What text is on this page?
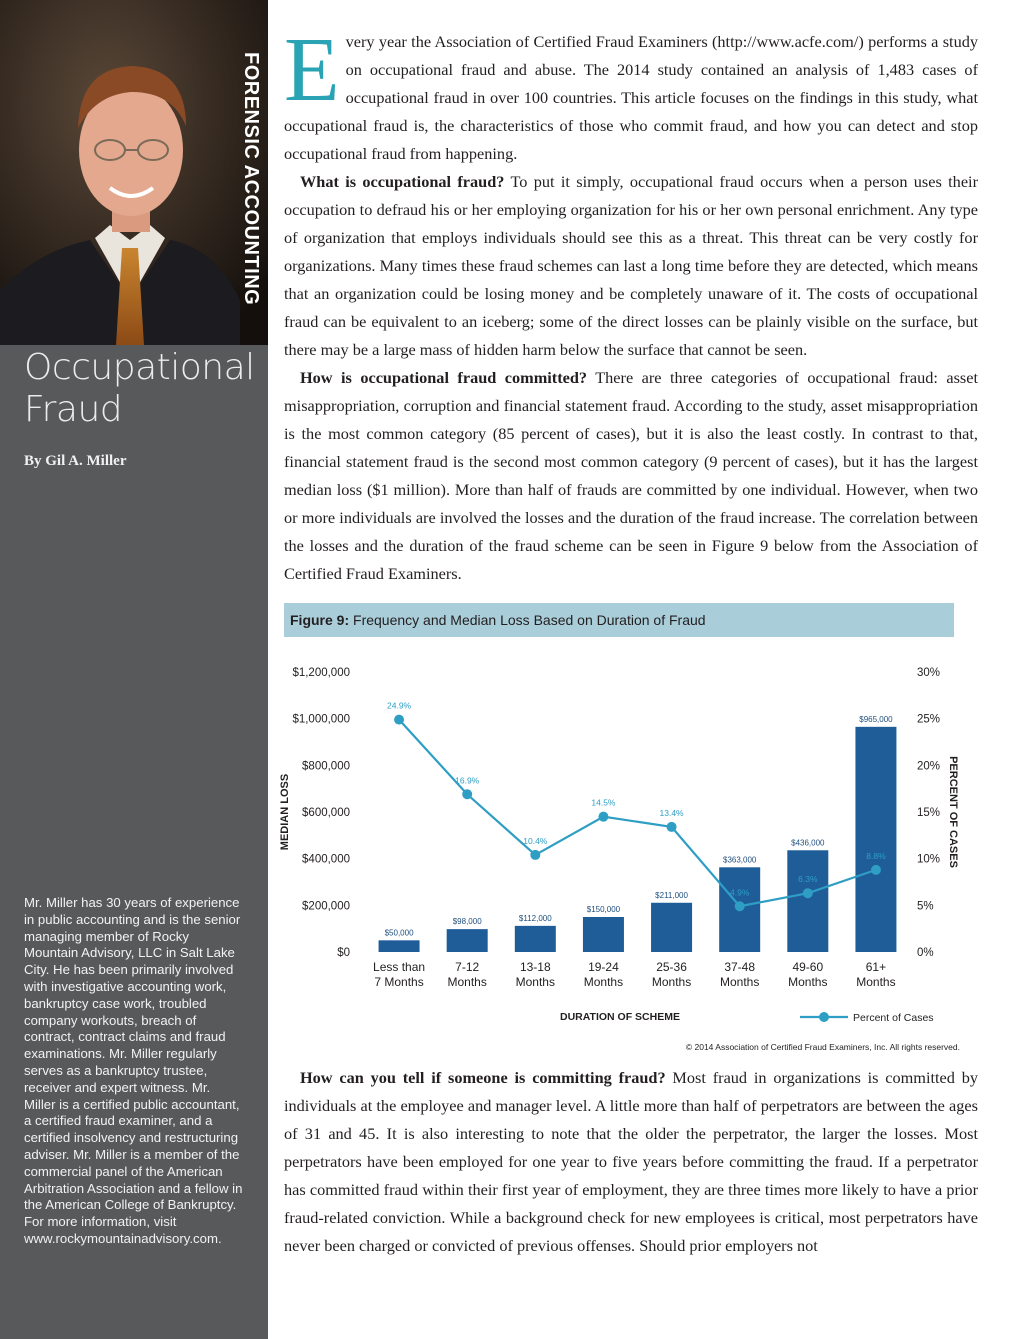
FORENSIC ACCOUNTING
Occupational
Fraud
By Gil A. Miller
Mr. Miller has 30 years of experience in public accounting and is the senior managing member of Rocky Mountain Advisory, LLC in Salt Lake City. He has been primarily involved with investigative accounting work, bankruptcy case work, troubled company workouts, breach of contract, contract claims and fraud examinations. Mr. Miller regularly serves as a bankruptcy trustee, receiver and expert witness. Mr. Miller is a certified public accountant, a certified fraud examiner, and a certified insolvency and restructuring adviser. Mr. Miller is a member of the commercial panel of the American Arbitration Association and a fellow in the American College of Bankruptcy. For more information, visit www.rockymountainadvisory.com.

Every year the Association of Certified Fraud Examiners (http://www.acfe.com/) performs a study on occupational fraud and abuse. The 2014 study contained an analysis of 1,483 cases of occupational fraud in over 100 countries. This article focuses on the findings in this study, what occupational fraud is, the characteristics of those who commit fraud, and how you can detect and stop occupational fraud from happening.

What is occupational fraud? To put it simply, occupational fraud occurs when a person uses their occupation to defraud his or her employing organization for his or her own personal enrichment. Any type of organization that employs individuals should see this as a threat. This threat can be very costly for organizations. Many times these fraud schemes can last a long time before they are detected, which means that an organization could be losing money and be completely unaware of it. The costs of occupational fraud can be equivalent to an iceberg; some of the direct losses can be plainly visible on the surface, but there may be a large mass of hidden harm below the surface that cannot be seen.

How is occupational fraud committed? There are three categories of occupational fraud: asset misappropriation, corruption and financial statement fraud. According to the study, asset misappropriation is the most common category (85 percent of cases), but it is also the least costly. In contrast to that, financial statement fraud is the second most common category (9 percent of cases), but it has the largest median loss ($1 million). More than half of frauds are committed by one individual. However, when two or more individuals are involved the losses and the duration of the fraud increase. The correlation between the losses and the duration of the fraud scheme can be seen in Figure 9 below from the Association of Certified Fraud Examiners.

Figure 9: Frequency and Median Loss Based on Duration of Fraud
$0
$200,000
$400,000
$600,000
$800,000
$1,000,000
$1,200,000
0%
5%
10%
15%
20%
25%
30%
MEDIAN LOSS	PERCENT OF CASES
$50,000
$98,000	$112,000
$150,000
$211,000
$363,000
$436,000
$965,000
Less than
7 Months
7-12
Months
13-18
Months
19-24
Months
25-36
Months
37-48
Months
49-60
Months
61+
Months
24.9%
16.9%
10.4%
14.5%
13.4%
4.9%
6.3%
8.8%
DURATION OF SCHEME	Percent of Cases
© 2014 Association of Certified Fraud Examiners, Inc. All rights reserved.

How can you tell if someone is committing fraud? Most fraud in organizations is committed by individuals at the employee and manager level. A little more than half of perpetrators are between the ages of 31 and 45. It is also interesting to note that the older the perpetrator, the larger the losses. Most perpetrators have been employed for one year to five years before committing the fraud. If a perpetrator has committed fraud within their first year of employment, they are three times more likely to have a prior fraud-related conviction. While a background check for new employees is critical, most perpetrators have never been charged or convicted of previous offenses. Should prior employers not
